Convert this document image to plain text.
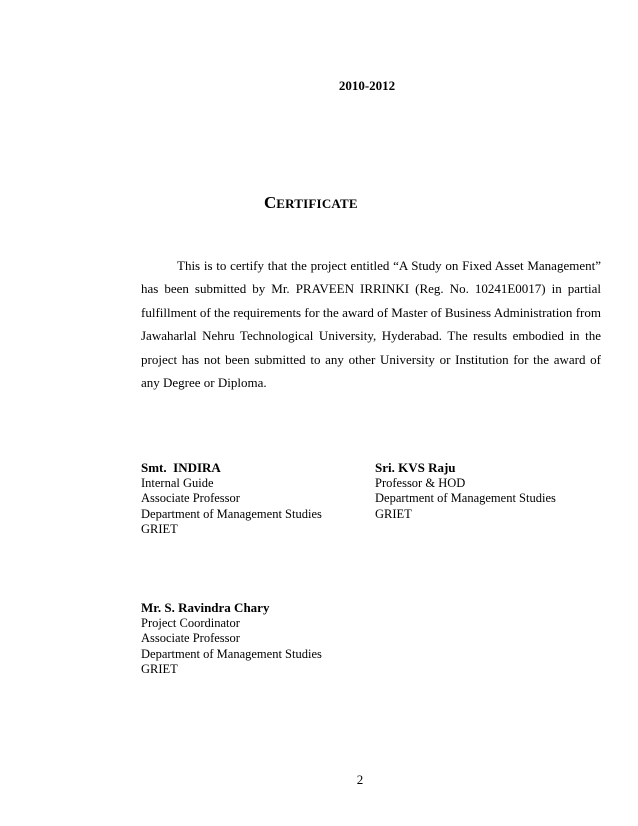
2010-2012
CERTIFICATE
This is to certify that the project entitled “A Study on Fixed Asset Management” has been submitted by Mr. PRAVEEN IRRINKI (Reg. No. 10241E0017) in partial fulfillment of the requirements for the award of Master of Business Administration from Jawaharlal Nehru Technological University, Hyderabad. The results embodied in the project has not been submitted to any other University or Institution for the award of any Degree or Diploma.
Smt.  INDIRA
Internal Guide
Associate Professor
Department of Management Studies
GRIET
Sri. KVS Raju
Professor & HOD
Department of Management Studies
GRIET
Mr. S. Ravindra Chary
Project Coordinator
Associate Professor
Department of Management Studies
GRIET
2
